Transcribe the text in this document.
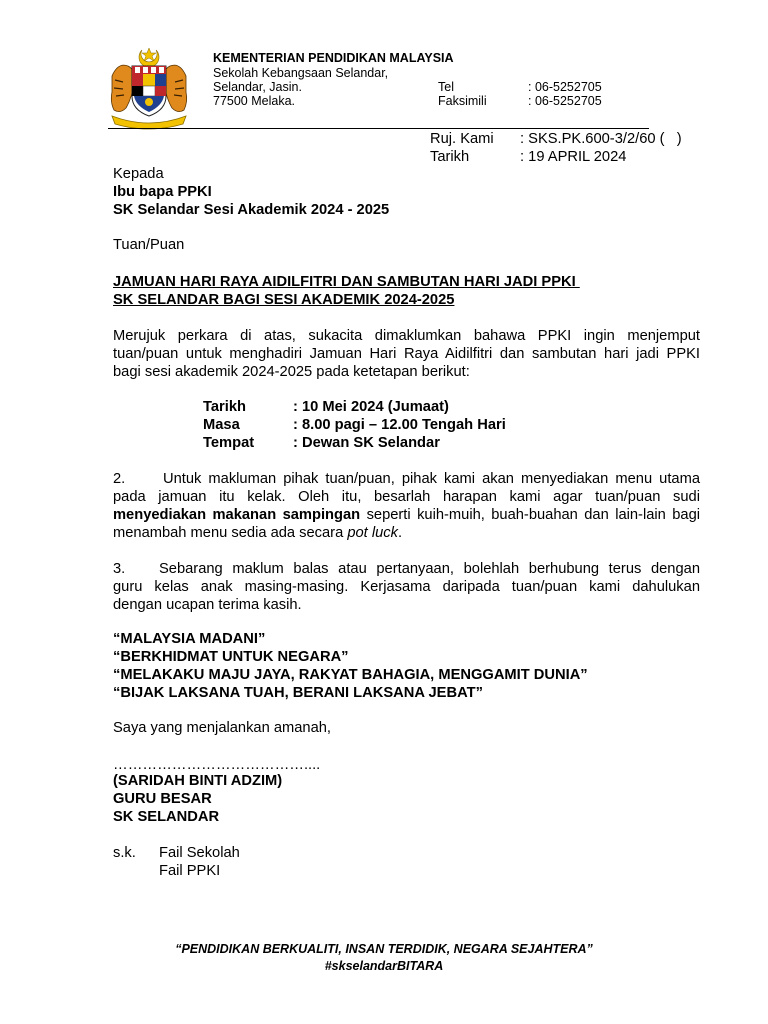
KEMENTERIAN PENDIDIKAN MALAYSIA
Sekolah Kebangsaan Selandar,
Selandar, Jasin.
77500 Melaka.
Tel	: 06-5252705
Faksimili	: 06-5252705
Ruj. Kami : SKS.PK.600-3/2/60 (   )
Tarikh	: 19 APRIL 2024
Kepada
Ibu bapa PPKI
SK Selandar Sesi Akademik 2024 - 2025
Tuan/Puan
JAMUAN HARI RAYA AIDILFITRI DAN SAMBUTAN HARI JADI PPKI
SK SELANDAR BAGI SESI AKADEMIK 2024-2025
Merujuk perkara di atas, sukacita dimaklumkan bahawa PPKI ingin menjemput
tuan/puan untuk menghadiri Jamuan Hari Raya Aidilfitri dan sambutan hari jadi PPKI
bagi sesi akademik 2024-2025 pada ketetapan berikut:
Tarikh	: 10 Mei 2024 (Jumaat)
Masa	: 8.00 pagi – 12.00 Tengah Hari
Tempat	: Dewan SK Selandar
2.	Untuk makluman pihak tuan/puan, pihak kami akan menyediakan menu utama
pada jamuan itu kelak. Oleh itu, besarlah harapan kami agar tuan/puan sudi
menyediakan makanan sampingan seperti kuih-muih, buah-buahan dan lain-lain bagi
menambah menu sedia ada secara pot luck.
3. Sebarang maklum balas atau pertanyaan, bolehlah berhubung terus dengan
guru kelas anak masing-masing. Kerjasama daripada tuan/puan kami dahulukan
dengan ucapan terima kasih.
“MALAYSIA MADANI”
“BERKHIDMAT UNTUK NEGARA”
“MELAKAKU MAJU JAYA, RAKYAT BAHAGIA, MENGGAMIT DUNIA”
“BIJAK LAKSANA TUAH, BERANI LAKSANA JEBAT”
Saya yang menjalankan amanah,
…………………………………....
(SARIDAH BINTI ADZIM)
GURU BESAR
SK SELANDAR
s.k. Fail Sekolah
Fail PPKI
“PENDIDIKAN BERKUALITI, INSAN TERDIDIK, NEGARA SEJAHTERA”
#skselandarBITARA
